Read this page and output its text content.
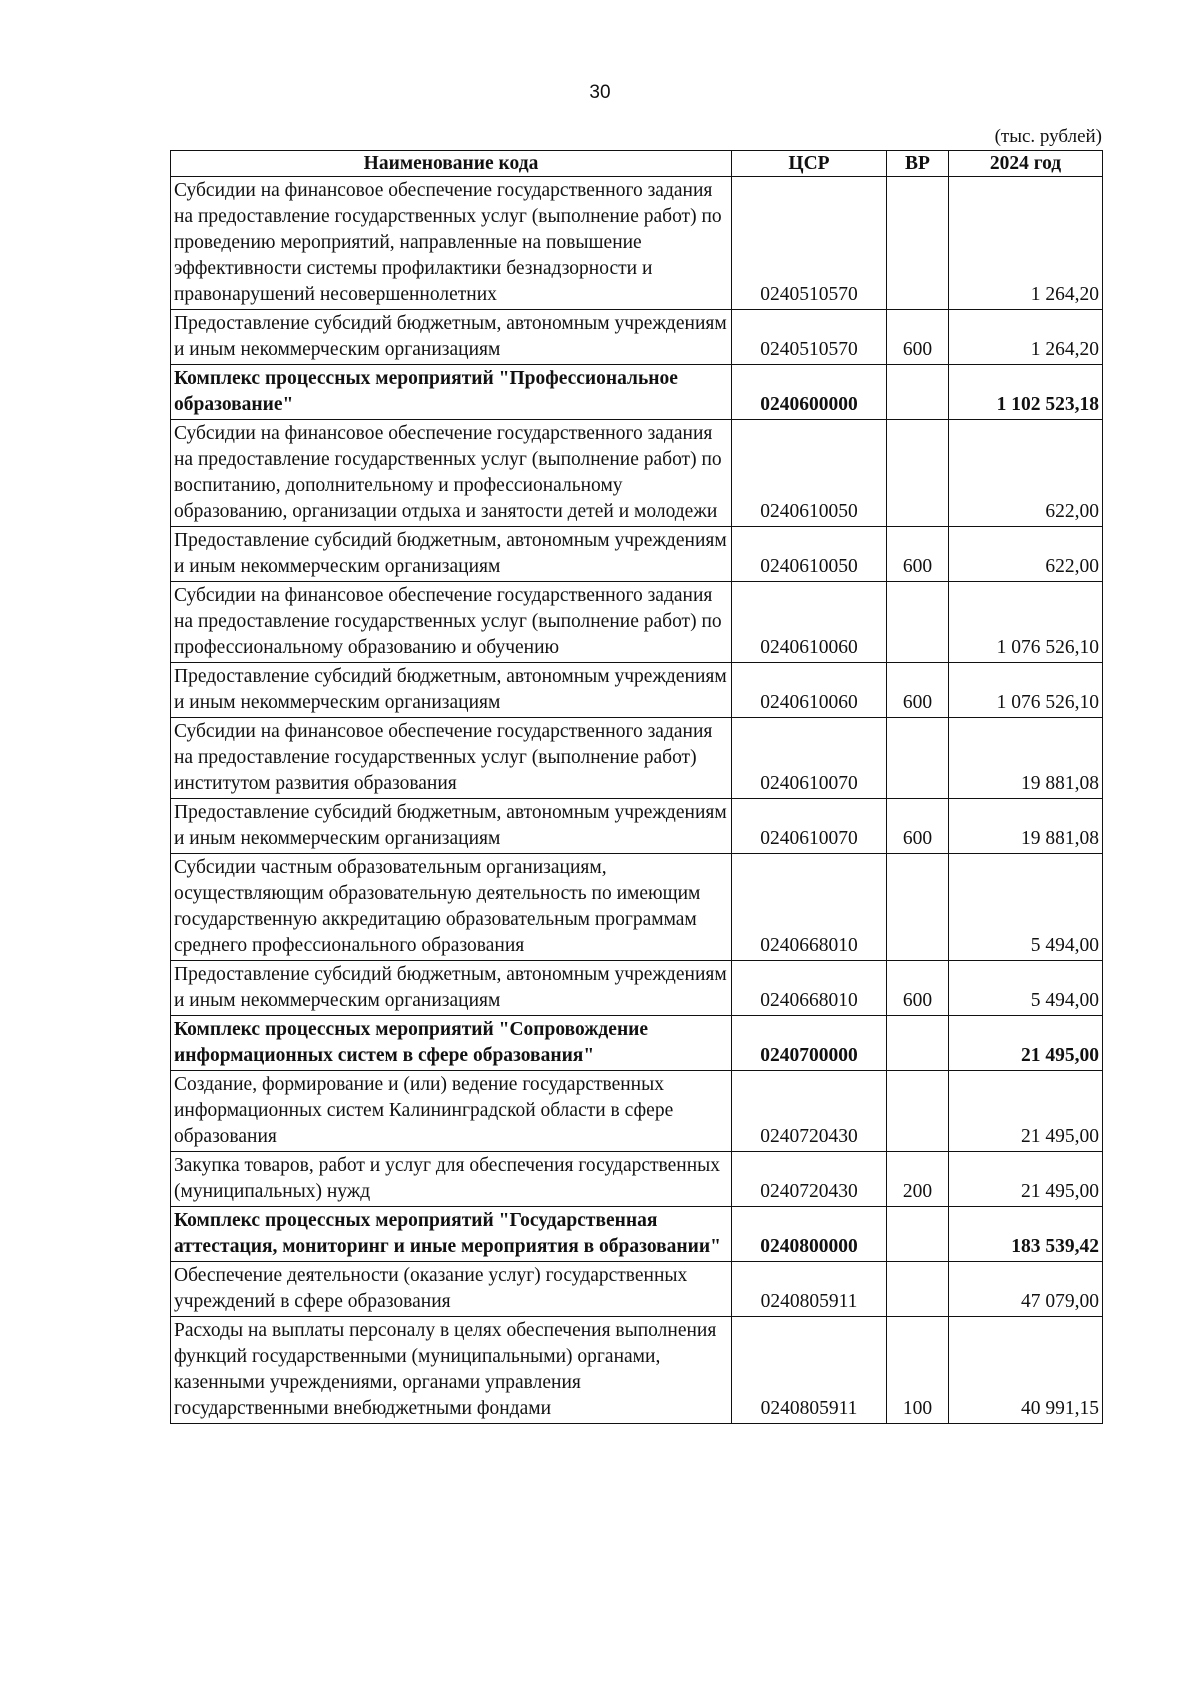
30
(тыс. рублей)
Наименование кода	ЦСР	ВР	2024 год
Субсидии на финансовое обеспечение государственного задания на предоставление государственных услуг (выполнение работ) по проведению мероприятий, направленные на повышение эффективности системы профилактики безнадзорности и правонарушений несовершеннолетних	0240510570		1 264,20
Предоставление субсидий бюджетным, автономным учреждениям и иным некоммерческим организациям	0240510570	600	1 264,20
Комплекс процессных мероприятий "Профессиональное образование"	0240600000		1 102 523,18
Субсидии на финансовое обеспечение государственного задания на предоставление государственных услуг (выполнение работ) по воспитанию, дополнительному и профессиональному образованию, организации отдыха и занятости детей и молодежи	0240610050		622,00
Предоставление субсидий бюджетным, автономным учреждениям и иным некоммерческим организациям	0240610050	600	622,00
Субсидии на финансовое обеспечение государственного задания на предоставление государственных услуг (выполнение работ) по профессиональному образованию и обучению	0240610060		1 076 526,10
Предоставление субсидий бюджетным, автономным учреждениям и иным некоммерческим организациям	0240610060	600	1 076 526,10
Субсидии на финансовое обеспечение государственного задания на предоставление государственных услуг (выполнение работ) институтом развития образования	0240610070		19 881,08
Предоставление субсидий бюджетным, автономным учреждениям и иным некоммерческим организациям	0240610070	600	19 881,08
Субсидии частным образовательным организациям, осуществляющим образовательную деятельность по имеющим государственную аккредитацию образовательным программам среднего профессионального образования	0240668010		5 494,00
Предоставление субсидий бюджетным, автономным учреждениям и иным некоммерческим организациям	0240668010	600	5 494,00
Комплекс процессных мероприятий "Сопровождение информационных систем в сфере образования"	0240700000		21 495,00
Создание, формирование и (или) ведение государственных информационных систем Калининградской области в сфере образования	0240720430		21 495,00
Закупка товаров, работ и услуг для обеспечения государственных (муниципальных) нужд	0240720430	200	21 495,00
Комплекс процессных мероприятий "Государственная аттестация, мониторинг и иные мероприятия в образовании"	0240800000		183 539,42
Обеспечение деятельности (оказание услуг) государственных учреждений в сфере образования	0240805911		47 079,00
Расходы на выплаты персоналу в целях обеспечения выполнения функций государственными (муниципальными) органами, казенными учреждениями, органами управления государственными внебюджетными фондами	0240805911	100	40 991,15
